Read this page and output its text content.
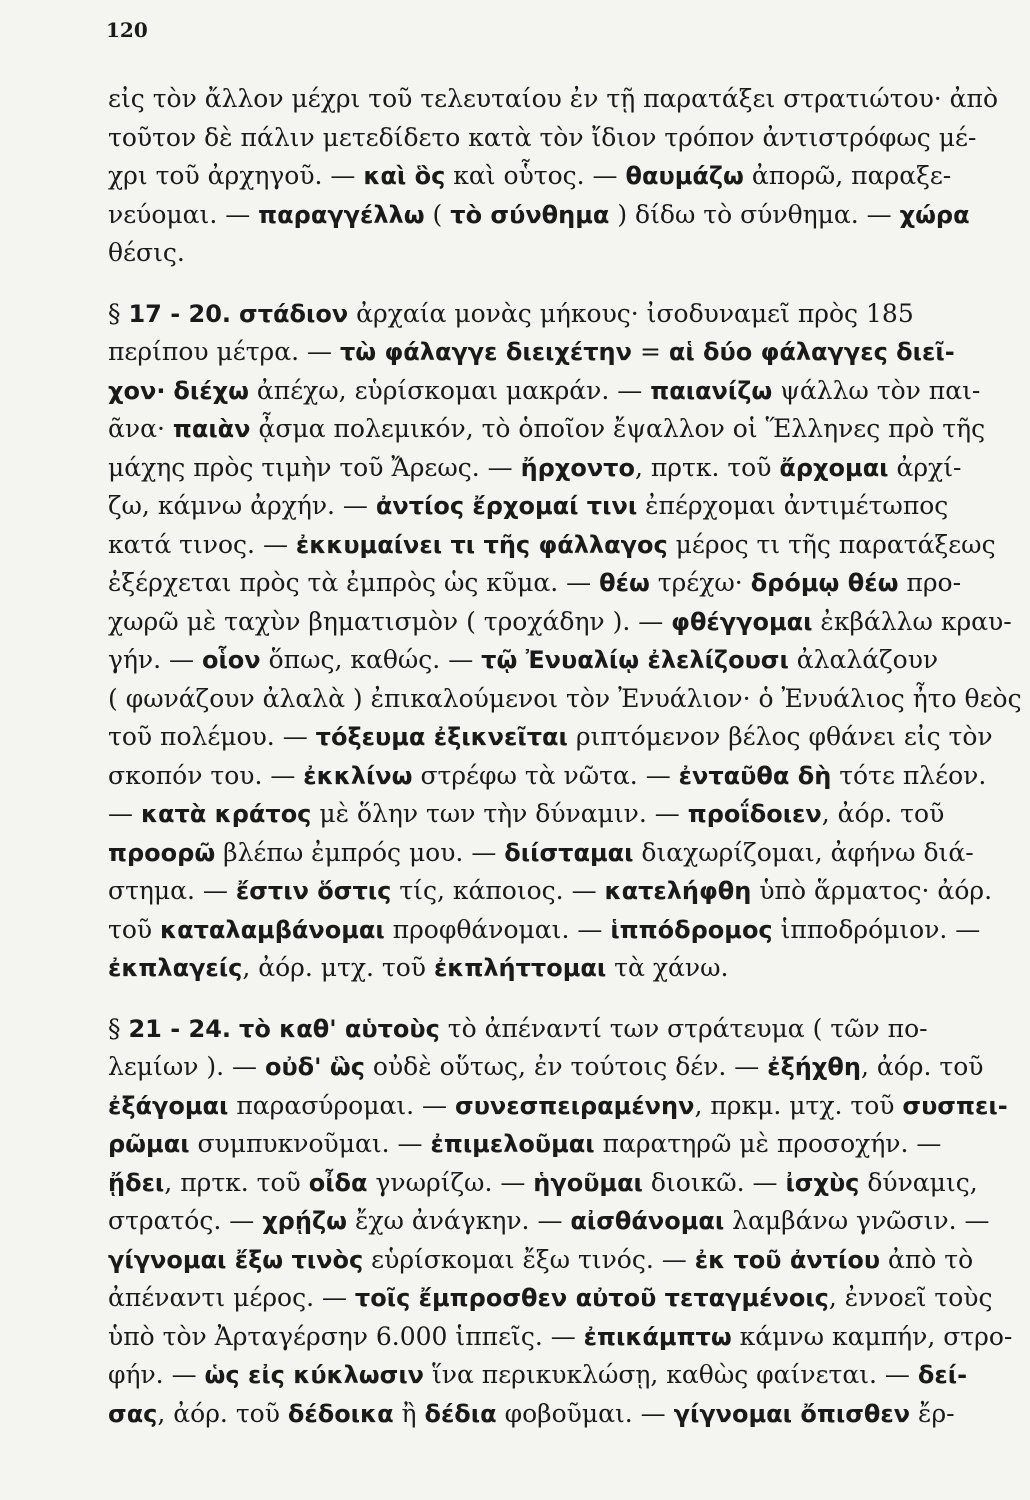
120
εἰς τὸν ἄλλον μέχρι τοῦ τελευταίου ἐν τῇ παρατάξει στρατιώτου· ἀπὸ
τοῦτον δὲ πάλιν μετεδίδετο κατὰ τὸν ἴδιον τρόπον ἀντιστρόφως μέ-
χρι τοῦ ἀρχηγοῦ. — καὶ ὃς καὶ οὗτος. — θαυμάζω ἀπορῶ, παραξε-
νεύομαι. — παραγγέλλω ( τὸ σύνθημα ) δίδω τὸ σύνθημα. — χώρα
θέσις.
§ 17 - 20. στάδιον ἀρχαία μονὰς μήκους· ἰσοδυναμεῖ πρὸς 185
περίπου μέτρα. — τὼ φάλαγγε διειχέτην = αἱ δύο φάλαγγες διεῖ-
χον· διέχω ἀπέχω, εὑρίσκομαι μακράν. — παιανίζω ψάλλω τὸν παι-
ᾶνα· παιὰν ᾆσμα πολεμικόν, τὸ ὁποῖον ἔψαλλον οἱ Ἕλληνες πρὸ τῆς
μάχης πρὸς τιμὴν τοῦ Ἄρεως. — ἤρχοντο, πρτκ. τοῦ ἄρχομαι ἀρχί-
ζω, κάμνω ἀρχήν. — ἀντίος ἔρχομαί τινι ἐπέρχομαι ἀντιμέτωπος
κατά τινος. — ἐκκυμαίνει τι τῆς φάλλαγος μέρος τι τῆς παρατάξεως
ἐξέρχεται πρὸς τὰ ἐμπρὸς ὡς κῦμα. — θέω τρέχω· δρόμῳ θέω προ-
χωρῶ μὲ ταχὺν βηματισμὸν ( τροχάδην ). — φθέγγομαι ἐκβάλλω κραυ-
γήν. — οἷον ὅπως, καθώς. — τῷ Ἐνυαλίῳ ἐλελίζουσι ἀλαλάζουν
( φωνάζουν ἀλαλὰ ) ἐπικαλούμενοι τὸν Ἐνυάλιον· ὁ Ἐνυάλιος ἦτο θεὸς
τοῦ πολέμου. — τόξευμα ἐξικνεῖται ριπτόμενον βέλος φθάνει εἰς τὸν
σκοπόν του. — ἐκκλίνω στρέφω τὰ νῶτα. — ἐνταῦθα δὴ τότε πλέον.
— κατὰ κράτος μὲ ὅλην των τὴν δύναμιν. — προΐδοιεν, ἀόρ. τοῦ
προορῶ βλέπω ἐμπρός μου. — διίσταμαι διαχωρίζομαι, ἀφήνω διά-
στημα. — ἔστιν ὅστις τίς, κάποιος. — κατελήφθη ὑπὸ ἅρματος· ἀόρ.
τοῦ καταλαμβάνομαι προφθάνομαι. — ἱππόδρομος ἱπποδρόμιον. —
ἐκπλαγείς, ἀόρ. μτχ. τοῦ ἐκπλήττομαι τὰ χάνω.
§ 21 - 24. τὸ καθ' αὑτοὺς τὸ ἀπέναντί των στράτευμα ( τῶν πο-
λεμίων ). — οὐδ' ὣς οὐδὲ οὕτως, ἐν τούτοις δέν. — ἐξήχθη, ἀόρ. τοῦ
ἐξάγομαι παρασύρομαι. — συνεσπειραμένην, πρκμ. μτχ. τοῦ συσπει-
ρῶμαι συμπυκνοῦμαι. — ἐπιμελοῦμαι παρατηρῶ μὲ προσοχήν. —
ᾔδει, πρτκ. τοῦ οἶδα γνωρίζω. — ἡγοῦμαι διοικῶ. — ἰσχὺς δύναμις,
στρατός. — χρῄζω ἔχω ἀνάγκην. — αἰσθάνομαι λαμβάνω γνῶσιν. —
γίγνομαι ἔξω τινὸς εὑρίσκομαι ἔξω τινός. — ἐκ τοῦ ἀντίου ἀπὸ τὸ
ἀπέναντι μέρος. — τοῖς ἔμπροσθεν αὐτοῦ τεταγμένοις, ἐννοεῖ τοὺς
ὑπὸ τὸν Ἀρταγέρσην 6.000 ἱππεῖς. — ἐπικάμπτω κάμνω καμπήν, στρο-
φήν. — ὡς εἰς κύκλωσιν ἵνα περικυκλώσῃ, καθὼς φαίνεται. — δεί-
σας, ἀόρ. τοῦ δέδοικα ἢ δέδια φοβοῦμαι. — γίγνομαι ὄπισθεν ἔρ-
